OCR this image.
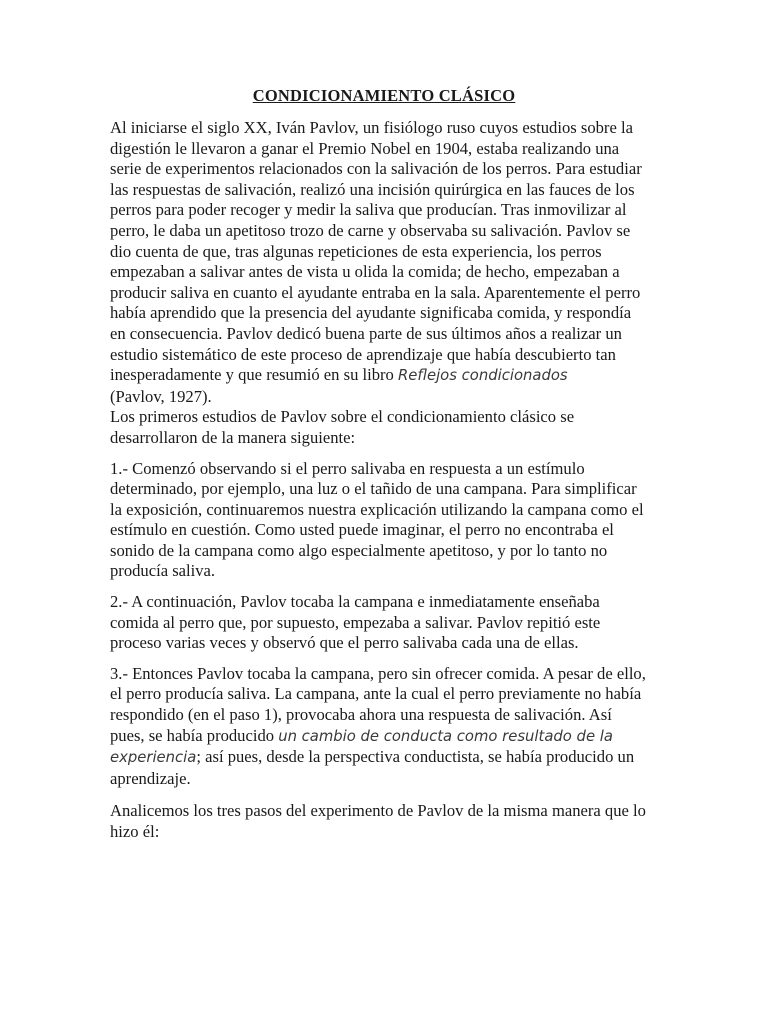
CONDICIONAMIENTO CLÁSICO

Al iniciarse el siglo XX, Iván Pavlov, un fisiólogo ruso cuyos estudios sobre la digestión le llevaron a ganar el Premio Nobel en 1904, estaba realizando una serie de experimentos relacionados con la salivación de los perros. Para estudiar las respuestas de salivación, realizó una incisión quirúrgica en las fauces de los perros para poder recoger y medir la saliva que producían. Tras inmovilizar al perro, le daba un apetitoso trozo de carne y observaba su salivación. Pavlov se dio cuenta de que, tras algunas repeticiones de esta experiencia, los perros empezaban a salivar antes de vista u olida la comida; de hecho, empezaban a producir saliva en cuanto el ayudante entraba en la sala. Aparentemente el perro había aprendido que la presencia del ayudante significaba comida, y respondía en consecuencia. Pavlov dedicó buena parte de sus últimos años a realizar un estudio sistemático de este proceso de aprendizaje que había descubierto tan inesperadamente y que resumió en su libro Reflejos condicionados
(Pavlov, 1927).

Los primeros estudios de Pavlov sobre el condicionamiento clásico se desarrollaron de la manera siguiente:

1.- Comenzó observando si el perro salivaba en respuesta a un estímulo determinado, por ejemplo, una luz o el tañido de una campana. Para simplificar la exposición, continuaremos nuestra explicación utilizando la campana como el estímulo en cuestión. Como usted puede imaginar, el perro no encontraba el sonido de la campana como algo especialmente apetitoso, y por lo tanto no producía saliva.

2.- A continuación, Pavlov tocaba la campana e inmediatamente enseñaba comida al perro que, por supuesto, empezaba a salivar. Pavlov repitió este proceso varias veces y observó que el perro salivaba cada una de ellas.

3.- Entonces Pavlov tocaba la campana, pero sin ofrecer comida. A pesar de ello, el perro producía saliva. La campana, ante la cual el perro previamente no había respondido (en el paso 1), provocaba ahora una respuesta de salivación. Así pues, se había producido un cambio de conducta como resultado de la experiencia; así pues, desde la perspectiva conductista, se había producido un aprendizaje.

Analicemos los tres pasos del experimento de Pavlov de la misma manera que lo hizo él:
